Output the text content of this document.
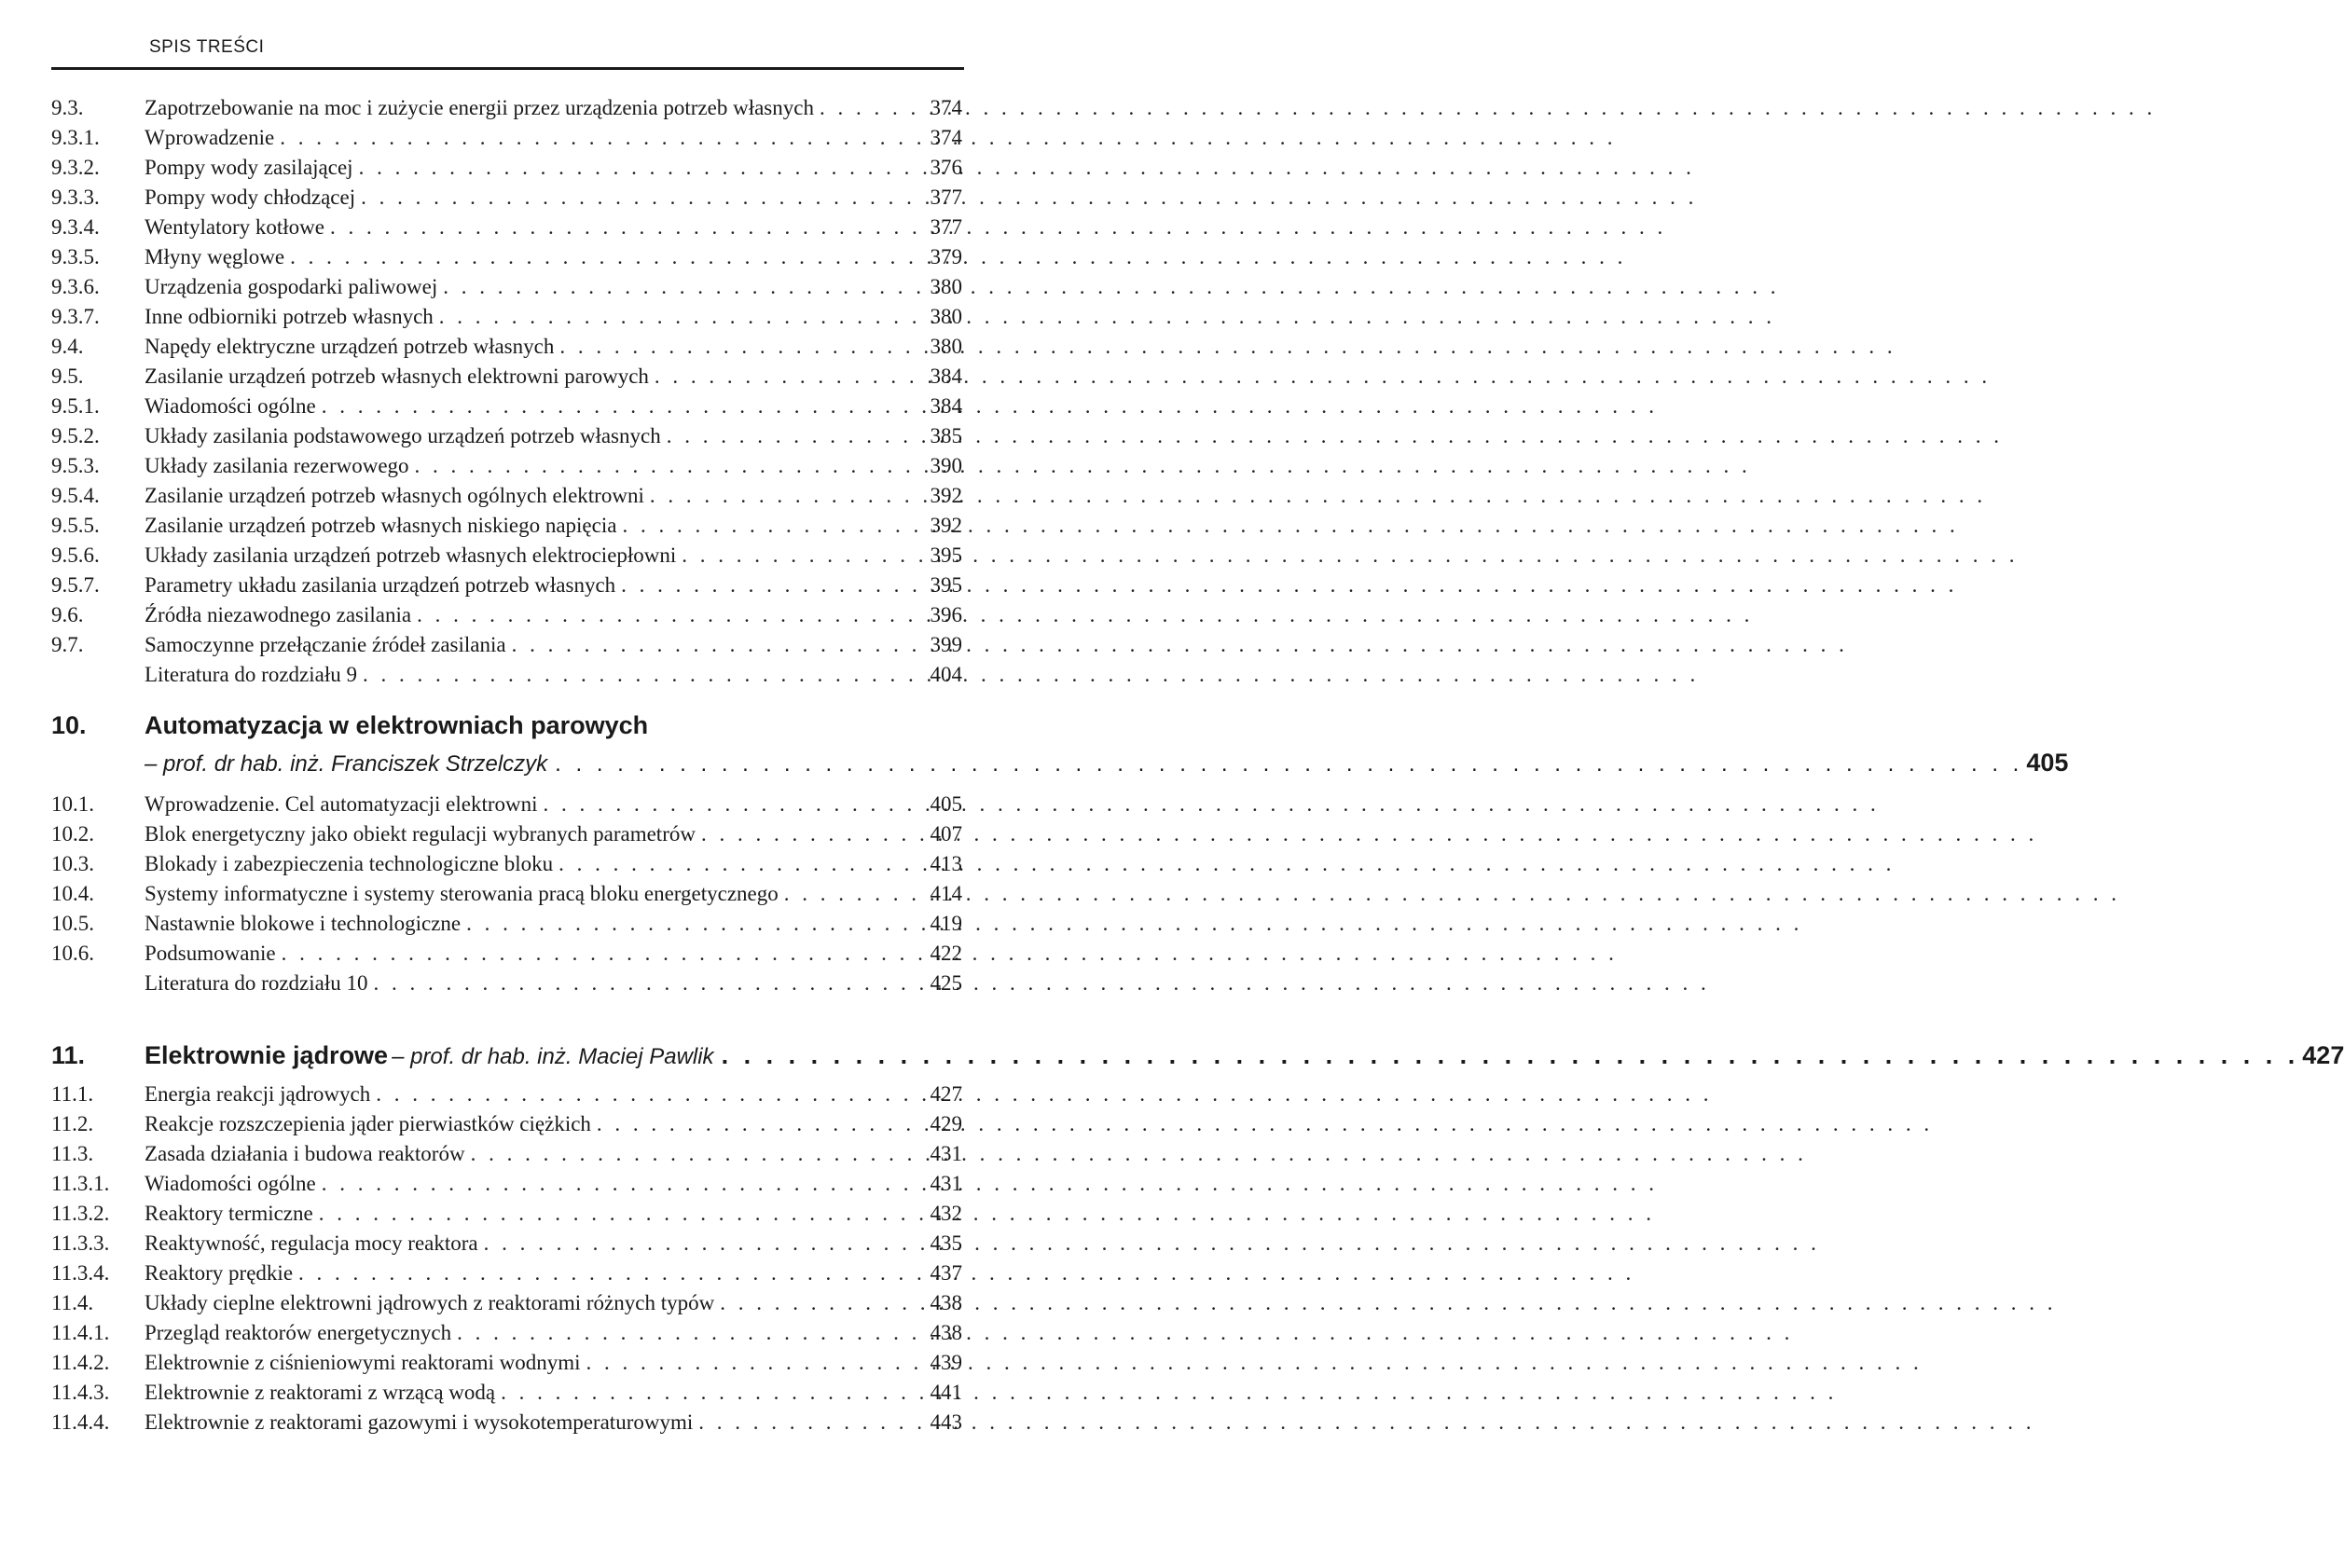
SPIS TREŚCI
9.3.	Zapotrzebowanie na moc i zużycie energii przez urządzenia potrzeb własnych . . .	374
9.3.1.	Wprowadzenie . . .	374
9.3.2.	Pompy wody zasilającej . . .	376
9.3.3.	Pompy wody chłodzącej . . .	377
9.3.4.	Wentylatory kotłowe . . .	377
9.3.5.	Młyny węglowe . . .	379
9.3.6.	Urządzenia gospodarki paliwowej . . .	380
9.3.7.	Inne odbiorniki potrzeb własnych . . .	380
9.4.	Napędy elektryczne urządzeń potrzeb własnych . . .	380
9.5.	Zasilanie urządzeń potrzeb własnych elektrowni parowych . . .	384
9.5.1.	Wiadomości ogólne . . .	384
9.5.2.	Układy zasilania podstawowego urządzeń potrzeb własnych . . .	385
9.5.3.	Układy zasilania rezerwowego . . .	390
9.5.4.	Zasilanie urządzeń potrzeb własnych ogólnych elektrowni . . .	392
9.5.5.	Zasilanie urządzeń potrzeb własnych niskiego napięcia . . .	392
9.5.6.	Układy zasilania urządzeń potrzeb własnych elektrociepłowni . . .	395
9.5.7.	Parametry układu zasilania urządzeń potrzeb własnych . . .	395
9.6.	Źródła niezawodnego zasilania . . .	396
9.7.	Samoczynne przełączanie źródeł zasilania . . .	399
Literatura do rozdziału 9 . . .	404
10.	Automatyzacja w elektrowniach parowych
– prof. dr hab. inż. Franciszek Strzelczyk . . .	405
10.1.	Wprowadzenie. Cel automatyzacji elektrowni . . .	405
10.2.	Blok energetyczny jako obiekt regulacji wybranych parametrów . . .	407
10.3.	Blokady i zabezpieczenia technologiczne bloku . . .	413
10.4.	Systemy informatyczne i systemy sterowania pracą bloku energetycznego . . .	414
10.5.	Nastawnie blokowe i technologiczne . . .	419
10.6.	Podsumowanie . . .	422
Literatura do rozdziału 10 . . .	425
11.	Elektrownie jądrowe – prof. dr hab. inż. Maciej Pawlik . . .	427
11.1.	Energia reakcji jądrowych . . .	427
11.2.	Reakcje rozszczepienia jąder pierwiastków ciężkich . . .	429
11.3.	Zasada działania i budowa reaktorów . . .	431
11.3.1.	Wiadomości ogólne . . .	431
11.3.2.	Reaktory termiczne . . .	432
11.3.3.	Reaktywność, regulacja mocy reaktora . . .	435
11.3.4.	Reaktory prędkie . . .	437
11.4.	Układy cieplne elektrowni jądrowych z reaktorami różnych typów . . .	438
11.4.1.	Przegląd reaktorów energetycznych . . .	438
11.4.2.	Elektrownie z ciśnieniowymi reaktorami wodnymi . . .	439
11.4.3.	Elektrownie z reaktorami z wrzącą wodą . . .	441
11.4.4.	Elektrownie z reaktorami gazowymi i wysokotemperaturowymi . . .	443
